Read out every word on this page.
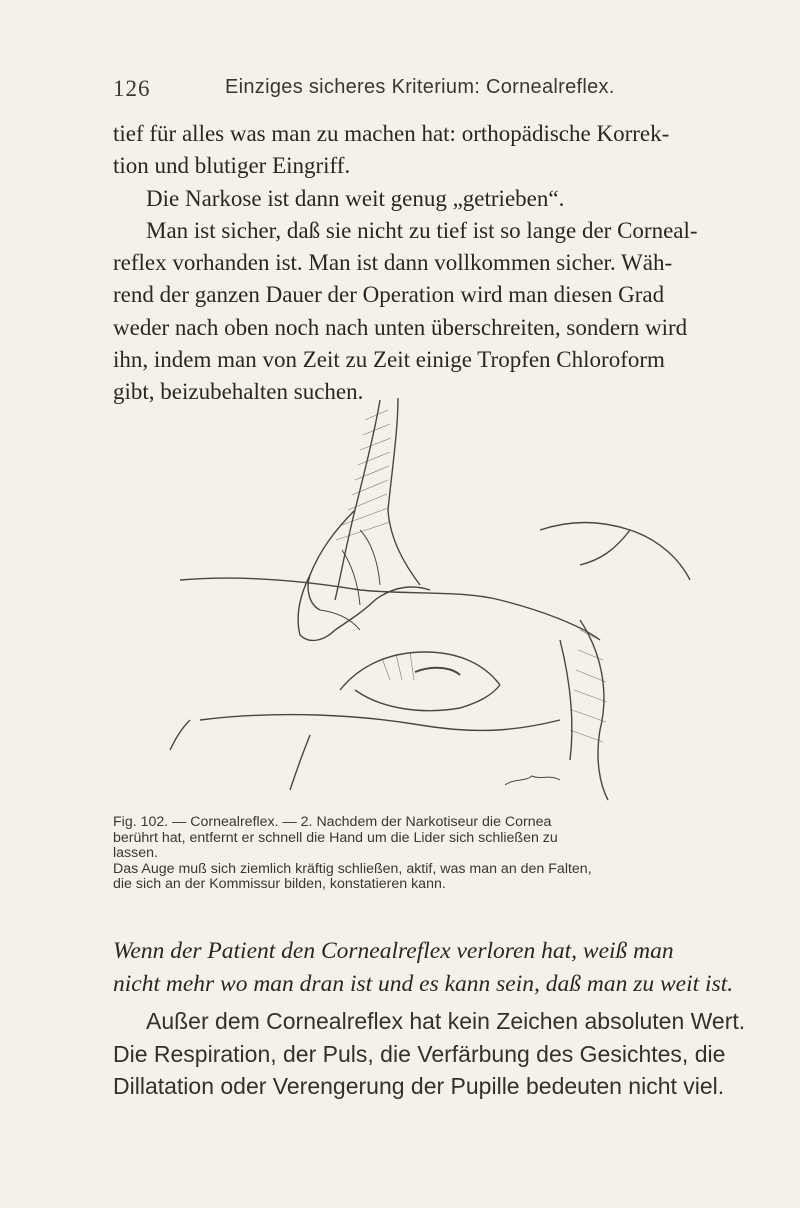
126	Einziges sicheres Kriterium: Cornealreflex.
tief für alles was man zu machen hat: orthopädische Korrek-
tion und blutiger Eingriff.
Die Narkose ist dann weit genug „getrieben“.
Man ist sicher, daß sie nicht zu tief ist so lange der Corneal-
reflex vorhanden ist. Man ist dann vollkommen sicher. Wäh-
rend der ganzen Dauer der Operation wird man diesen Grad
weder nach oben noch nach unten überschreiten, sondern wird
ihn, indem man von Zeit zu Zeit einige Tropfen Chloroform
gibt, beizubehalten suchen.
Fig. 102. — Cornealreflex. — 2. Nachdem der Narkotiseur die Cornea
berührt hat, entfernt er schnell die Hand um die Lider sich schließen zu
lassen.
Das Auge muß sich ziemlich kräftig schließen, aktif, was man an den Falten,
die sich an der Kommissur bilden, konstatieren kann.
Wenn der Patient den Cornealreflex verloren hat, weiß man
nicht mehr wo man dran ist und es kann sein, daß man zu weit ist.
Außer dem Cornealreflex hat kein Zeichen absoluten Wert.
Die Respiration, der Puls, die Verfärbung des Gesichtes, die
Dillatation oder Verengerung der Pupille bedeuten nicht viel.
